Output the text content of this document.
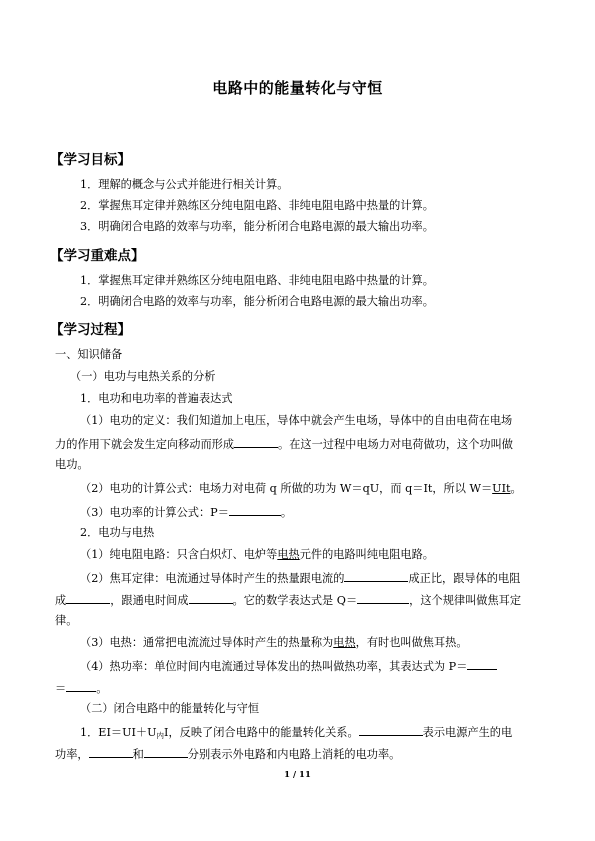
电路中的能量转化与守恒
【学习目标】
1．理解的概念与公式并能进行相关计算。
2．掌握焦耳定律并熟练区分纯电阻电路、非纯电阻电路中热量的计算。
3．明确闭合电路的效率与功率，能分析闭合电路电源的最大输出功率。
【学习重难点】
1．掌握焦耳定律并熟练区分纯电阻电路、非纯电阻电路中热量的计算。
2．明确闭合电路的效率与功率，能分析闭合电路电源的最大输出功率。
【学习过程】
一、知识储备
（一）电功与电热关系的分析
1．电功和电功率的普遍表达式
（1）电功的定义：我们知道加上电压，导体中就会产生电场，导体中的自由电荷在电场
力的作用下就会发生定向移动而形成	。在这一过程中电场力对电荷做功，这个功叫做
电功。
（2）电功的计算公式：电场力对电荷 q 所做的功为 W＝qU，而 q＝It，所以 W＝UIt。
（3）电功率的计算公式：P＝	。
2．电功与电热
（1）纯电阻电路：只含白炽灯、电炉等电热元件的电路叫纯电阻电路。
（2）焦耳定律：电流通过导体时产生的热量跟电流的	成正比，跟导体的电阻
成	，跟通电时间成	。它的数学表达式是 Q＝	，这个规律叫做焦耳定
律。
（3）电热：通常把电流流过导体时产生的热量称为电热，有时也叫做焦耳热。
（4）热功率：单位时间内电流通过导体发出的热叫做热功率，其表达式为 P＝
＝	。
（二）闭合电路中的能量转化与守恒
1．$EI=UI+U_内I$，反映了闭合电路中的能量转化关系。	表示电源产生的电
功率，	和	分别表示外电路和内电路上消耗的电功率。
1 / 11
